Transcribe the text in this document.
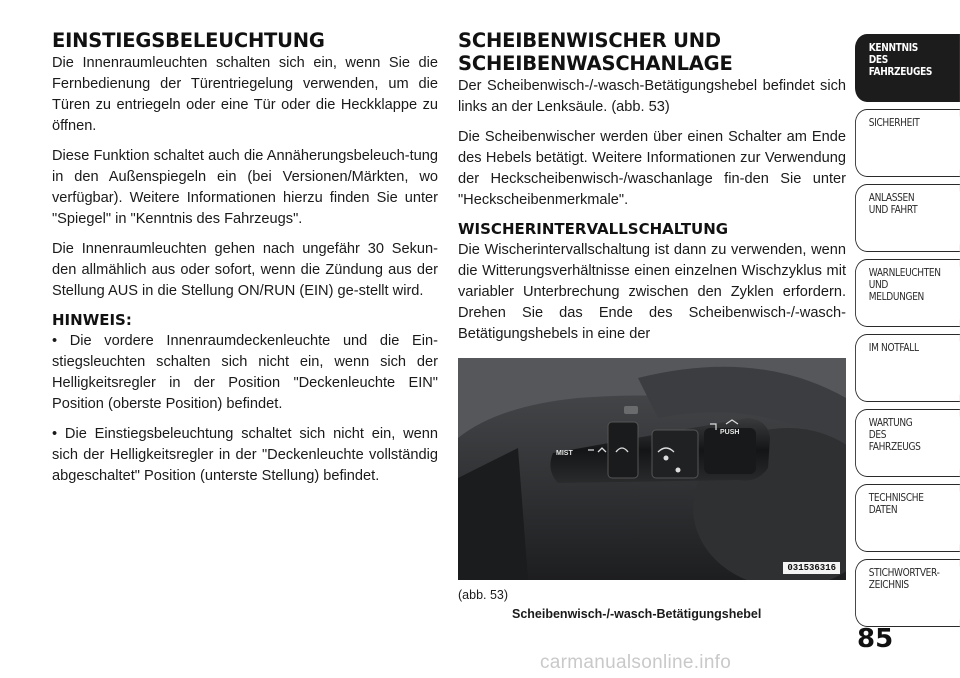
EINSTIEGSBELEUCHTUNG

Die Innenraumleuchten schalten sich ein, wenn Sie die Fernbedienung der Türentriegelung verwenden, um die Türen zu entriegeln oder eine Tür oder die Heckklappe zu öffnen.

Diese Funktion schaltet auch die Annäherungsbeleuch-tung in den Außenspiegeln ein (bei Versionen/Märkten, wo verfügbar). Weitere Informationen hierzu finden Sie unter "Spiegel" in "Kenntnis des Fahrzeugs".

Die Innenraumleuchten gehen nach ungefähr 30 Sekun-den allmählich aus oder sofort, wenn die Zündung aus der Stellung AUS in die Stellung ON/RUN (EIN) ge-stellt wird.

HINWEIS:

• Die vordere Innenraumdeckenleuchte und die Ein-stiegsleuchten schalten sich nicht ein, wenn sich der Helligkeitsregler in der Position "Deckenleuchte EIN" Position (oberste Position) befindet.

• Die Einstiegsbeleuchtung schaltet sich nicht ein, wenn sich der Helligkeitsregler in der "Deckenleuchte vollständig abgeschaltet" Position (unterste Stellung) befindet.

SCHEIBENWISCHER UND
SCHEIBENWASCHANLAGE

Der Scheibenwisch-/-wasch-Betätigungshebel befindet sich links an der Lenksäule. (abb. 53)

Die Scheibenwischer werden über einen Schalter am Ende des Hebels betätigt. Weitere Informationen zur Verwendung der Heckscheibenwisch-/waschanlage fin-den Sie unter "Heckscheibenmerkmale".

WISCHERINTERVALLSCHALTUNG

Die Wischerintervallschaltung ist dann zu verwenden, wenn die Witterungsverhältnisse einen einzelnen Wischzyklus mit variabler Unterbrechung zwischen den Zyklen erfordern. Drehen Sie das Ende des Scheibenwisch-/-wasch-Betätigungshebels in eine der

MIST
PUSH
031536316
(abb. 53)
Scheibenwisch-/-wasch-Betätigungshebel
KENNTNIS
DES
FAHRZEUGES
SICHERHEIT
ANLASSEN
UND FAHRT
WARNLEUCHTEN
UND
MELDUNGEN
IM NOTFALL
WARTUNG
DES
FAHRZEUGS
TECHNISCHE
DATEN
STICHWORTVER-
ZEICHNIS
85
carmanualsonline.info
